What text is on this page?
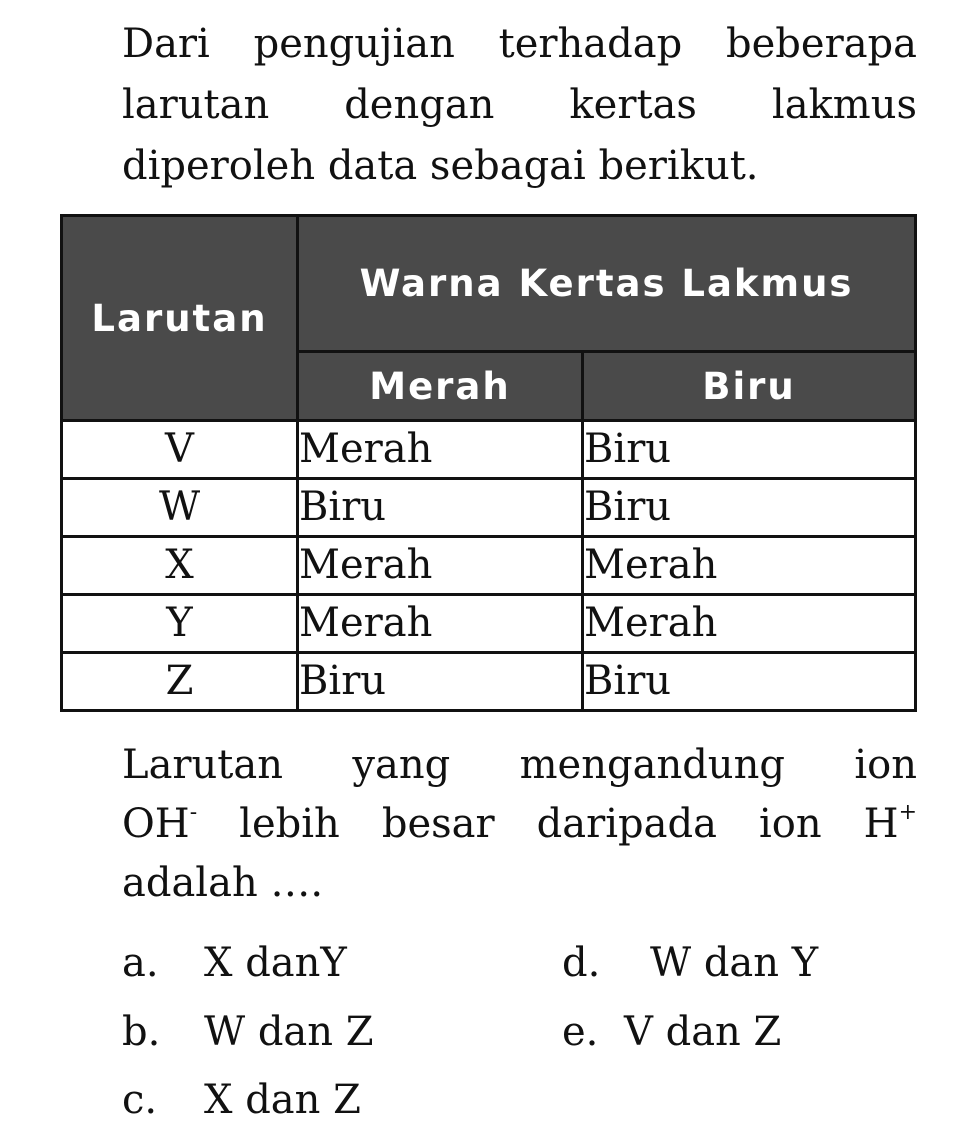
Dari pengujian terhadap beberapa
larutan dengan kertas lakmus
diperoleh data sebagai berikut.
Larutan	Warna Kertas Lakmus	
	Merah	Biru
V	Merah	Biru
W	Biru	Biru
X	Merah	Merah
Y	Merah	Merah
Z	Biru	Biru
Larutan yang mengandung ion
OH- lebih besar daripada ion H+
adalah ….
a. X danY
b. W dan Z
c. X dan Z
d. W dan Y
e. V dan Z
